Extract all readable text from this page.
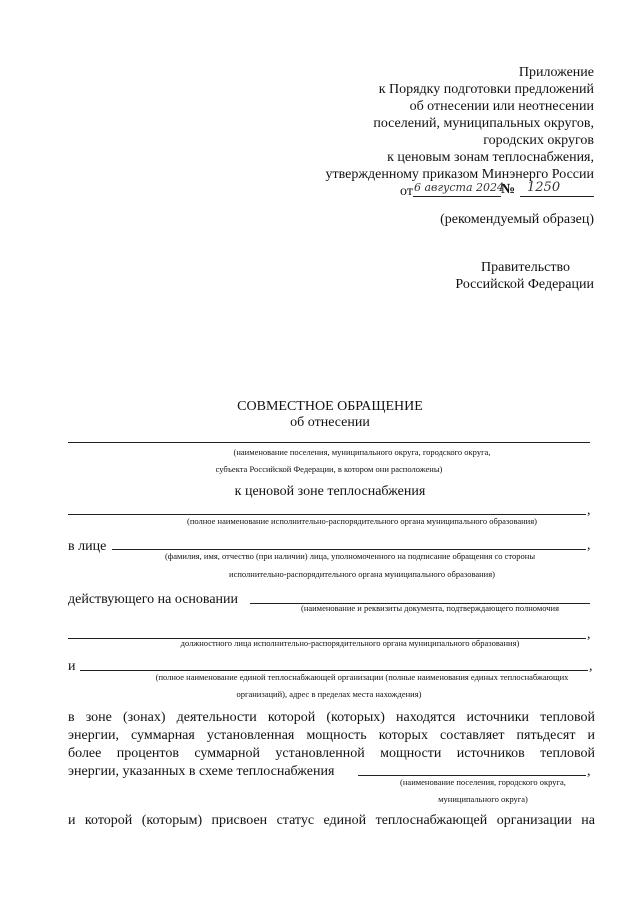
Приложение
к Порядку подготовки предложений
об отнесении или неотнесении
поселений, муниципальных округов,
городских округов
к ценовым зонам теплоснабжения,
утвержденному приказом Минэнерго России
от 6 августа 2024
№ 1250
(рекомендуемый образец)
Правительство
Российской Федерации
СОВМЕСТНОЕ ОБРАЩЕНИЕ
об отнесении
(наименование поселения, муниципального округа, городского округа,
субъекта Российской Федерации, в котором они расположены)
к ценовой зоне теплоснабжения
,
(полное наименование исполнительно-распорядительного органа муниципального образования)
в лице	,
(фамилия, имя, отчество (при наличии) лица, уполномоченного на подписание обращения со стороны
исполнительно-распорядительного органа муниципального образования)
действующего на основании
(наименование и реквизиты документа, подтверждающего полномочия
,
должностного лица исполнительно-распорядительного органа муниципального образования)
и	,
(полное наименование единой теплоснабжающей организации (полные наименования единых теплоснабжающих
организаций), адрес в пределах места нахождения)
в зоне (зонах) деятельности которой (которых) находятся источники тепловой
энергии, суммарная установленная мощность которых составляет пятьдесят и
более процентов суммарной установленной мощности источников тепловой
энергии, указанных в схеме теплоснабжения	,
(наименование поселения, городского округа,
муниципального округа)
и которой (которым) присвоен статус единой теплоснабжающей организации на
